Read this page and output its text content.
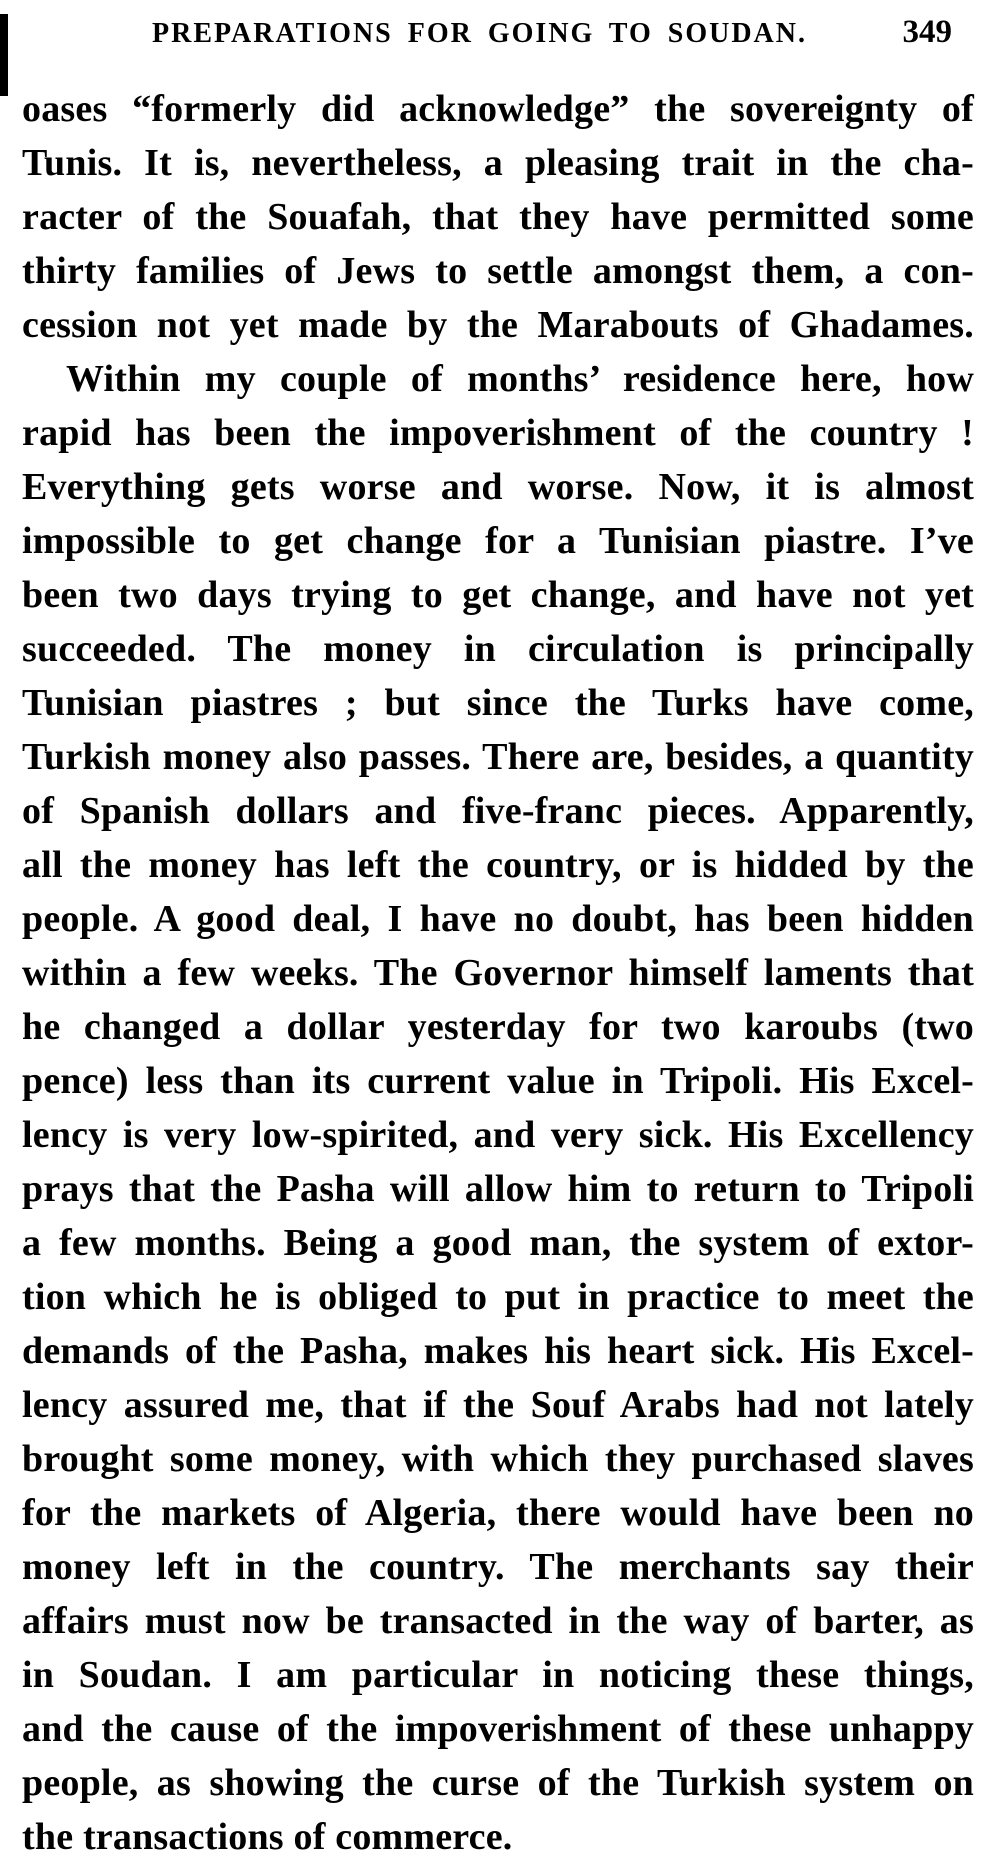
PREPARATIONS FOR GOING TO SOUDAN.	349
oases “formerly did acknowledge” the sovereignty of
Tunis. It is, nevertheless, a pleasing trait in the cha-
racter of the Souafah, that they have permitted some
thirty families of Jews to settle amongst them, a con-
cession not yet made by the Marabouts of Ghadames.
Within my couple of months’ residence here, how
rapid has been the impoverishment of the country !
Everything gets worse and worse. Now, it is almost
impossible to get change for a Tunisian piastre. I’ve
been two days trying to get change, and have not yet
succeeded. The money in circulation is principally
Tunisian piastres ; but since the Turks have come,
Turkish money also passes. There are, besides, a quantity
of Spanish dollars and five-franc pieces. Apparently,
all the money has left the country, or is hidded by the
people. A good deal, I have no doubt, has been hidden
within a few weeks. The Governor himself laments that
he changed a dollar yesterday for two karoubs (two
pence) less than its current value in Tripoli. His Excel-
lency is very low-spirited, and very sick. His Excellency
prays that the Pasha will allow him to return to Tripoli
a few months. Being a good man, the system of extor-
tion which he is obliged to put in practice to meet the
demands of the Pasha, makes his heart sick. His Excel-
lency assured me, that if the Souf Arabs had not lately
brought some money, with which they purchased slaves
for the markets of Algeria, there would have been no
money left in the country. The merchants say their
affairs must now be transacted in the way of barter, as
in Soudan. I am particular in noticing these things,
and the cause of the impoverishment of these unhappy
people, as showing the curse of the Turkish system on
the transactions of commerce.
